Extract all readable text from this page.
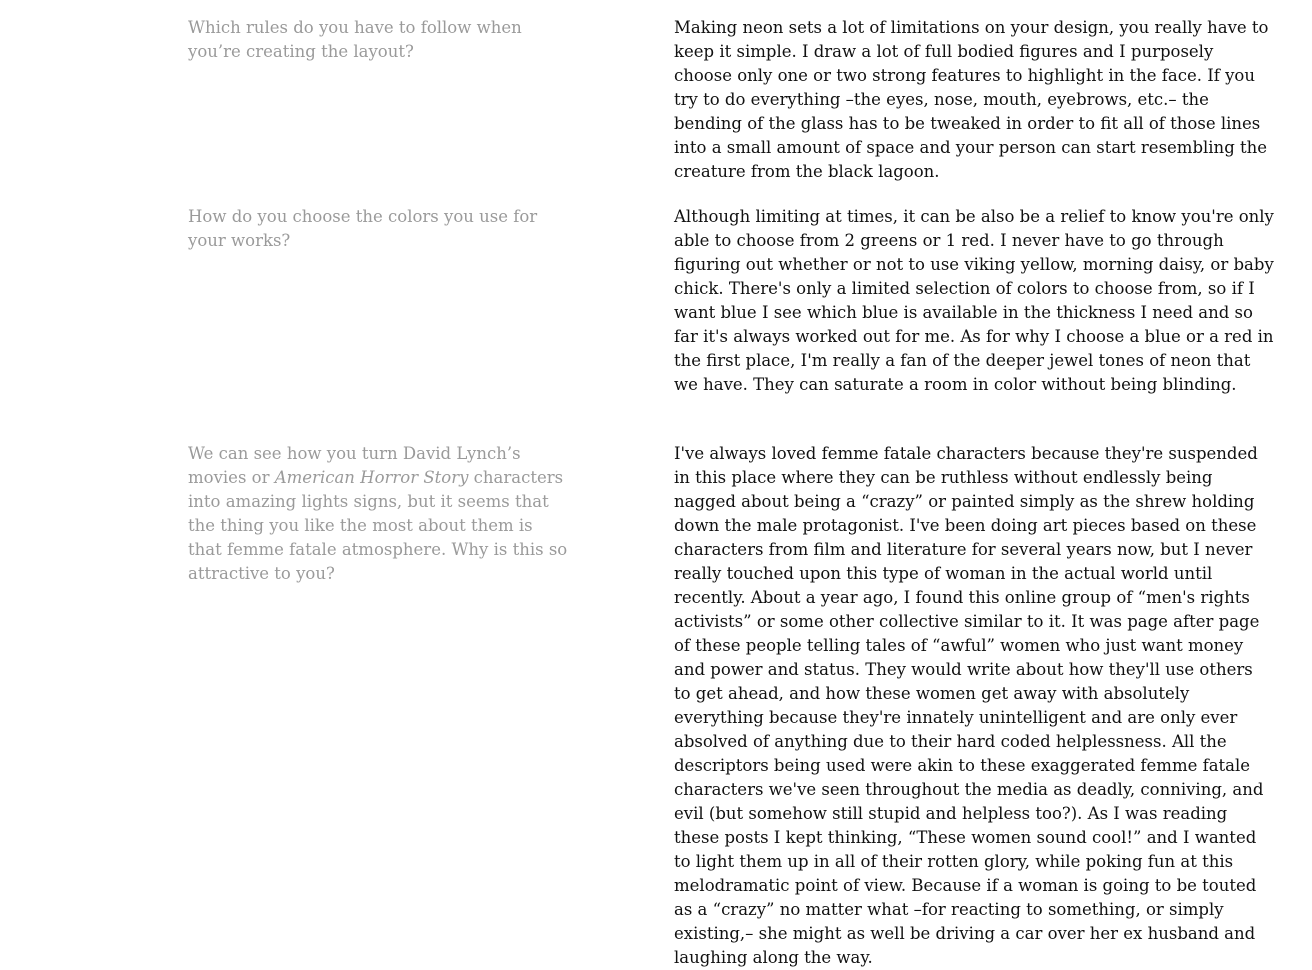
Which rules do you have to follow when you’re creating the layout?

Making neon sets a lot of limitations on your design, you really have to keep it simple. I draw a lot of full bodied figures and I purposely choose only one or two strong features to highlight in the face. If you try to do everything –the eyes, nose, mouth, eyebrows, etc.– the bending of the glass has to be tweaked in order to fit all of those lines into a small amount of space and your person can start resembling the creature from the black lagoon.

How do you choose the colors you use for your works?

Although limiting at times, it can be also be a relief to know you're only able to choose from 2 greens or 1 red. I never have to go through figuring out whether or not to use viking yellow, morning daisy, or baby chick. There's only a limited selection of colors to choose from, so if I want blue I see which blue is available in the thickness I need and so far it's always worked out for me. As for why I choose a blue or a red in the first place, I'm really a fan of the deeper jewel tones of neon that we have. They can saturate a room in color without being blinding.

We can see how you turn David Lynch’s movies or American Horror Story characters into amazing lights signs, but it seems that the thing you like the most about them is that femme fatale atmosphere. Why is this so attractive to you?

I've always loved femme fatale characters because they're suspended in this place where they can be ruthless without endlessly being nagged about being a “crazy” or painted simply as the shrew holding down the male protagonist. I've been doing art pieces based on these characters from film and literature for several years now, but I never really touched upon this type of woman in the actual world until recently. About a year ago, I found this online group of “men's rights activists” or some other collective similar to it. It was page after page of these people telling tales of “awful” women who just want money and power and status. They would write about how they'll use others to get ahead, and how these women get away with absolutely everything because they're innately unintelligent and are only ever absolved of anything due to their hard coded helplessness. All the descriptors being used were akin to these exaggerated femme fatale characters we've seen throughout the media as deadly, conniving, and evil (but somehow still stupid and helpless too?). As I was reading these posts I kept thinking, “These women sound cool!” and I wanted to light them up in all of their rotten glory, while poking fun at this melodramatic point of view. Because if a woman is going to be touted as a “crazy” no matter what –for reacting to something, or simply existing,– she might as well be driving a car over her ex husband and laughing along the way.
